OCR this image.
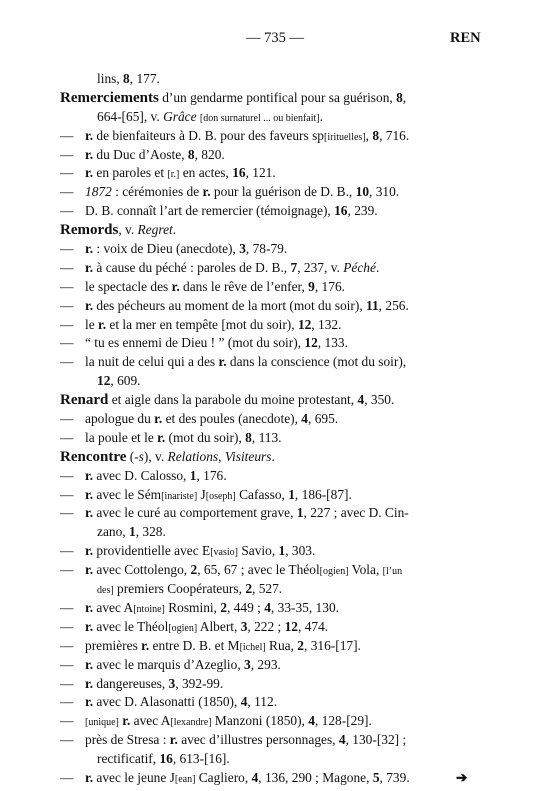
— 735 —	REN
lins, 8, 177.
Remerciements d’un gendarme pontifical pour sa guérison, 8,
664-[65], v. Grâce [don surnaturel ... ou bienfait].
— r. de bienfaiteurs à D. B. pour des faveurs sp[irituelles], 8, 716.
— r. du Duc d’Aoste, 8, 820.
— r. en paroles et [r.] en actes, 16, 121.
— 1872 : cérémonies de r. pour la guérison de D. B., 10, 310.
— D. B. connaît l’art de remercier (témoignage), 16, 239.
Remords, v. Regret.
— r. : voix de Dieu (anecdote), 3, 78-79.
— r. à cause du péché : paroles de D. B., 7, 237, v. Péché.
— le spectacle des r. dans le rêve de l’enfer, 9, 176.
— r. des pécheurs au moment de la mort (mot du soir), 11, 256.
— le r. et la mer en tempête [mot du soir), 12, 132.
— “ tu es ennemi de Dieu ! ” (mot du soir), 12, 133.
— la nuit de celui qui a des r. dans la conscience (mot du soir),
12, 609.
Renard et aigle dans la parabole du moine protestant, 4, 350.
— apologue du r. et des poules (anecdote), 4, 695.
— la poule et le r. (mot du soir), 8, 113.
Rencontre (-s), v. Relations, Visiteurs.
— r. avec D. Calosso, 1, 176.
— r. avec le Sém[inariste] J[oseph] Cafasso, 1, 186-[87].
— r. avec le curé au comportement grave, 1, 227 ; avec D. Cin-
zano, 1, 328.
— r. providentielle avec E[vasio] Savio, 1, 303.
— r. avec Cottolengo, 2, 65, 67 ; avec le Théol[ogien] Vola, [l’un
des] premiers Coopérateurs, 2, 527.
— r. avec A[ntoine] Rosmini, 2, 449 ; 4, 33-35, 130.
— r. avec le Théol[ogien] Albert, 3, 222 ; 12, 474.
— premières r. entre D. B. et M[ichel] Rua, 2, 316-[17].
— r. avec le marquis d’Azeglio, 3, 293.
— r. dangereuses, 3, 392-99.
— r. avec D. Alasonatti (1850), 4, 112.
— [unique] r. avec A[lexandre] Manzoni (1850), 4, 128-[29].
— près de Stresa : r. avec d’illustres personnages, 4, 130-[32] ;
rectificatif, 16, 613-[16].
— r. avec le jeune J[ean] Cagliero, 4, 136, 290 ; Magone, 5, 739.	➔
